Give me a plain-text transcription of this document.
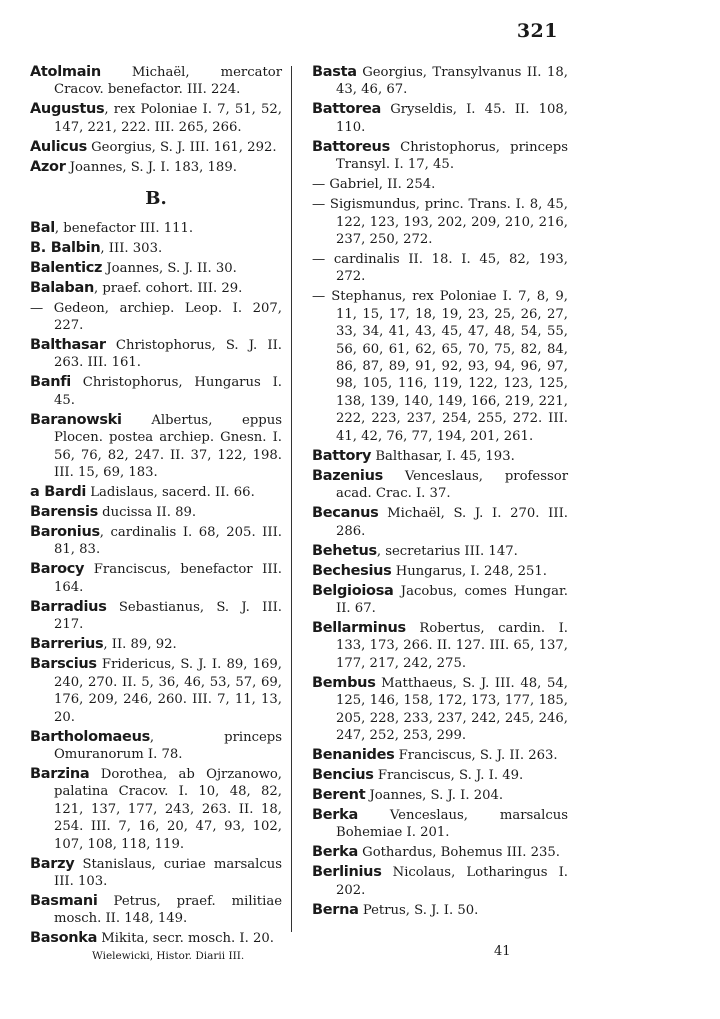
321
Atolmain Michaël, mercator Cracov. benefactor. III. 224.
Augustus, rex Poloniae I. 7, 51, 52, 147, 221, 222. III. 265, 266.
Aulicus Georgius, S. J. III. 161, 292.
Azor Joannes, S. J. I. 183, 189.
B.
Bal, benefactor III. 111.
B. Balbin, III. 303.
Balenticz Joannes, S. J. II. 30.
Balaban, praef. cohort. III. 29.
— Gedeon, archiep. Leop. I. 207, 227.
Balthasar Christophorus, S. J. II. 263. III. 161.
Banfi Christophorus, Hungarus I. 45.
Baranowski Albertus, eppus Plocen. postea archiep. Gnesn. I. 56, 76, 82, 247. II. 37, 122, 198. III. 15, 69, 183.
a Bardi Ladislaus, sacerd. II. 66.
Barensis ducissa II. 89.
Baronius, cardinalis I. 68, 205. III. 81, 83.
Barocy Franciscus, benefactor III. 164.
Barradius Sebastianus, S. J. III. 217.
Barrerius, II. 89, 92.
Barscius Fridericus, S. J. I. 89, 169, 240, 270. II. 5, 36, 46, 53, 57, 69, 176, 209, 246, 260. III. 7, 11, 13, 20.
Bartholomaeus, princeps Omuranorum I. 78.
Barzina Dorothea, ab Ojrzanowo, palatina Cracov. I. 10, 48, 82, 121, 137, 177, 243, 263. II. 18, 254. III. 7, 16, 20, 47, 93, 102, 107, 108, 118, 119.
Barzy Stanislaus, curiae marsalcus III. 103.
Basmani Petrus, praef. militiae mosch. II. 148, 149.
Basonka Mikita, secr. mosch. I. 20.
Basta Georgius, Transylvanus II. 18, 43, 46, 67.
Battorea Gryseldis, I. 45. II. 108, 110.
Battoreus Christophorus, princeps Transyl. I. 17, 45.
— Gabriel, II. 254.
— Sigismundus, princ. Trans. I. 8, 45, 122, 123, 193, 202, 209, 210, 216, 237, 250, 272.
— cardinalis II. 18. I. 45, 82, 193, 272.
— Stephanus, rex Poloniae I. 7, 8, 9, 11, 15, 17, 18, 19, 23, 25, 26, 27, 33, 34, 41, 43, 45, 47, 48, 54, 55, 56, 60, 61, 62, 65, 70, 75, 82, 84, 86, 87, 89, 91, 92, 93, 94, 96, 97, 98, 105, 116, 119, 122, 123, 125, 138, 139, 140, 149, 166, 219, 221, 222, 223, 237, 254, 255, 272. III. 41, 42, 76, 77, 194, 201, 261.
Battory Balthasar, I. 45, 193.
Bazenius Venceslaus, professor acad. Crac. I. 37.
Becanus Michaël, S. J. I. 270. III. 286.
Behetus, secretarius III. 147.
Bechesius Hungarus, I. 248, 251.
Belgioiosa Jacobus, comes Hungar. II. 67.
Bellarminus Robertus, cardin. I. 133, 173, 266. II. 127. III. 65, 137, 177, 217, 242, 275.
Bembus Matthaeus, S. J. III. 48, 54, 125, 146, 158, 172, 173, 177, 185, 205, 228, 233, 237, 242, 245, 246, 247, 252, 253, 299.
Benanides Franciscus, S. J. II. 263.
Bencius Franciscus, S. J. I. 49.
Berent Joannes, S. J. I. 204.
Berka Venceslaus, marsalcus Bohemiae I. 201.
Berka Gothardus, Bohemus III. 235.
Berlinius Nicolaus, Lotharingus I. 202.
Berna Petrus, S. J. I. 50.
Wielewicki, Histor. Diarii III.	41
